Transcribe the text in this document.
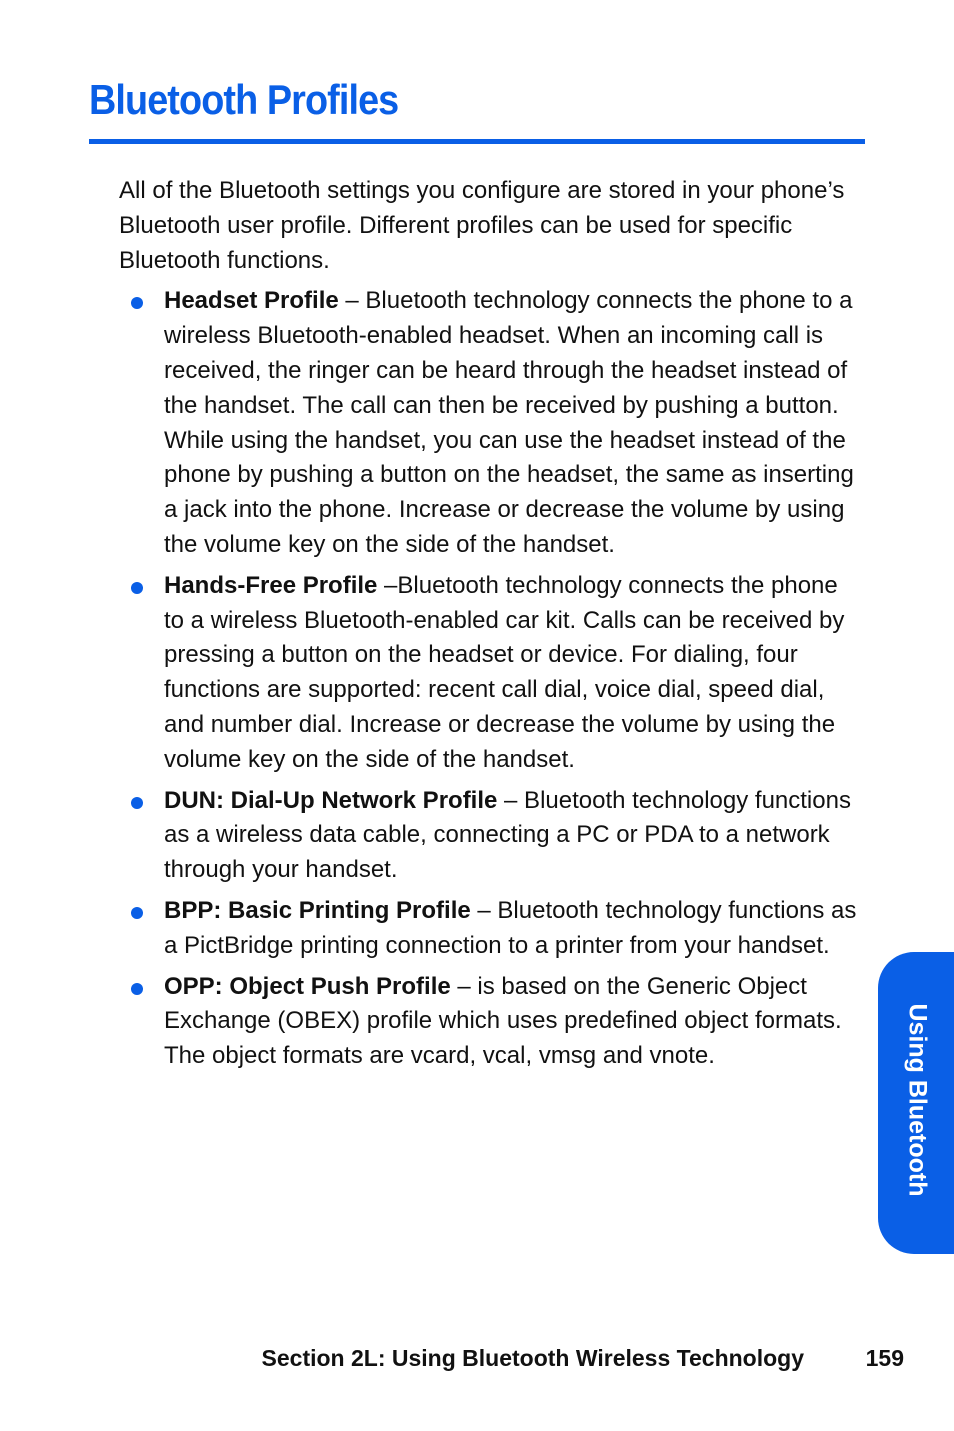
Bluetooth Profiles

All of the Bluetooth settings you configure are stored in your phone’s Bluetooth user profile. Different profiles can be used for specific Bluetooth functions.

Headset Profile – Bluetooth technology connects the phone to a wireless Bluetooth-enabled headset. When an incoming call is received, the ringer can be heard through the headset instead of the handset. The call can then be received by pushing a button. While using the handset, you can use the headset instead of the phone by pushing a button on the headset, the same as inserting a jack into the phone. Increase or decrease the volume by using the volume key on the side of the handset.
Hands-Free Profile –Bluetooth technology connects the phone to a wireless Bluetooth-enabled car kit. Calls can be received by pressing a button on the headset or device. For dialing, four functions are supported: recent call dial, voice dial, speed dial, and number dial. Increase or decrease the volume by using the volume key on the side of the handset.
DUN: Dial-Up Network Profile – Bluetooth technology functions as a wireless data cable, connecting a PC or PDA to a network through your handset.
BPP: Basic Printing Profile – Bluetooth technology functions as a PictBridge printing connection to a printer from your handset.
OPP: Object Push Profile – is based on the Generic Object Exchange (OBEX) profile which uses predefined object formats. The object formats are vcard, vcal, vmsg and vnote.	Using Bluetooth
Section 2L: Using Bluetooth Wireless Technology	159
